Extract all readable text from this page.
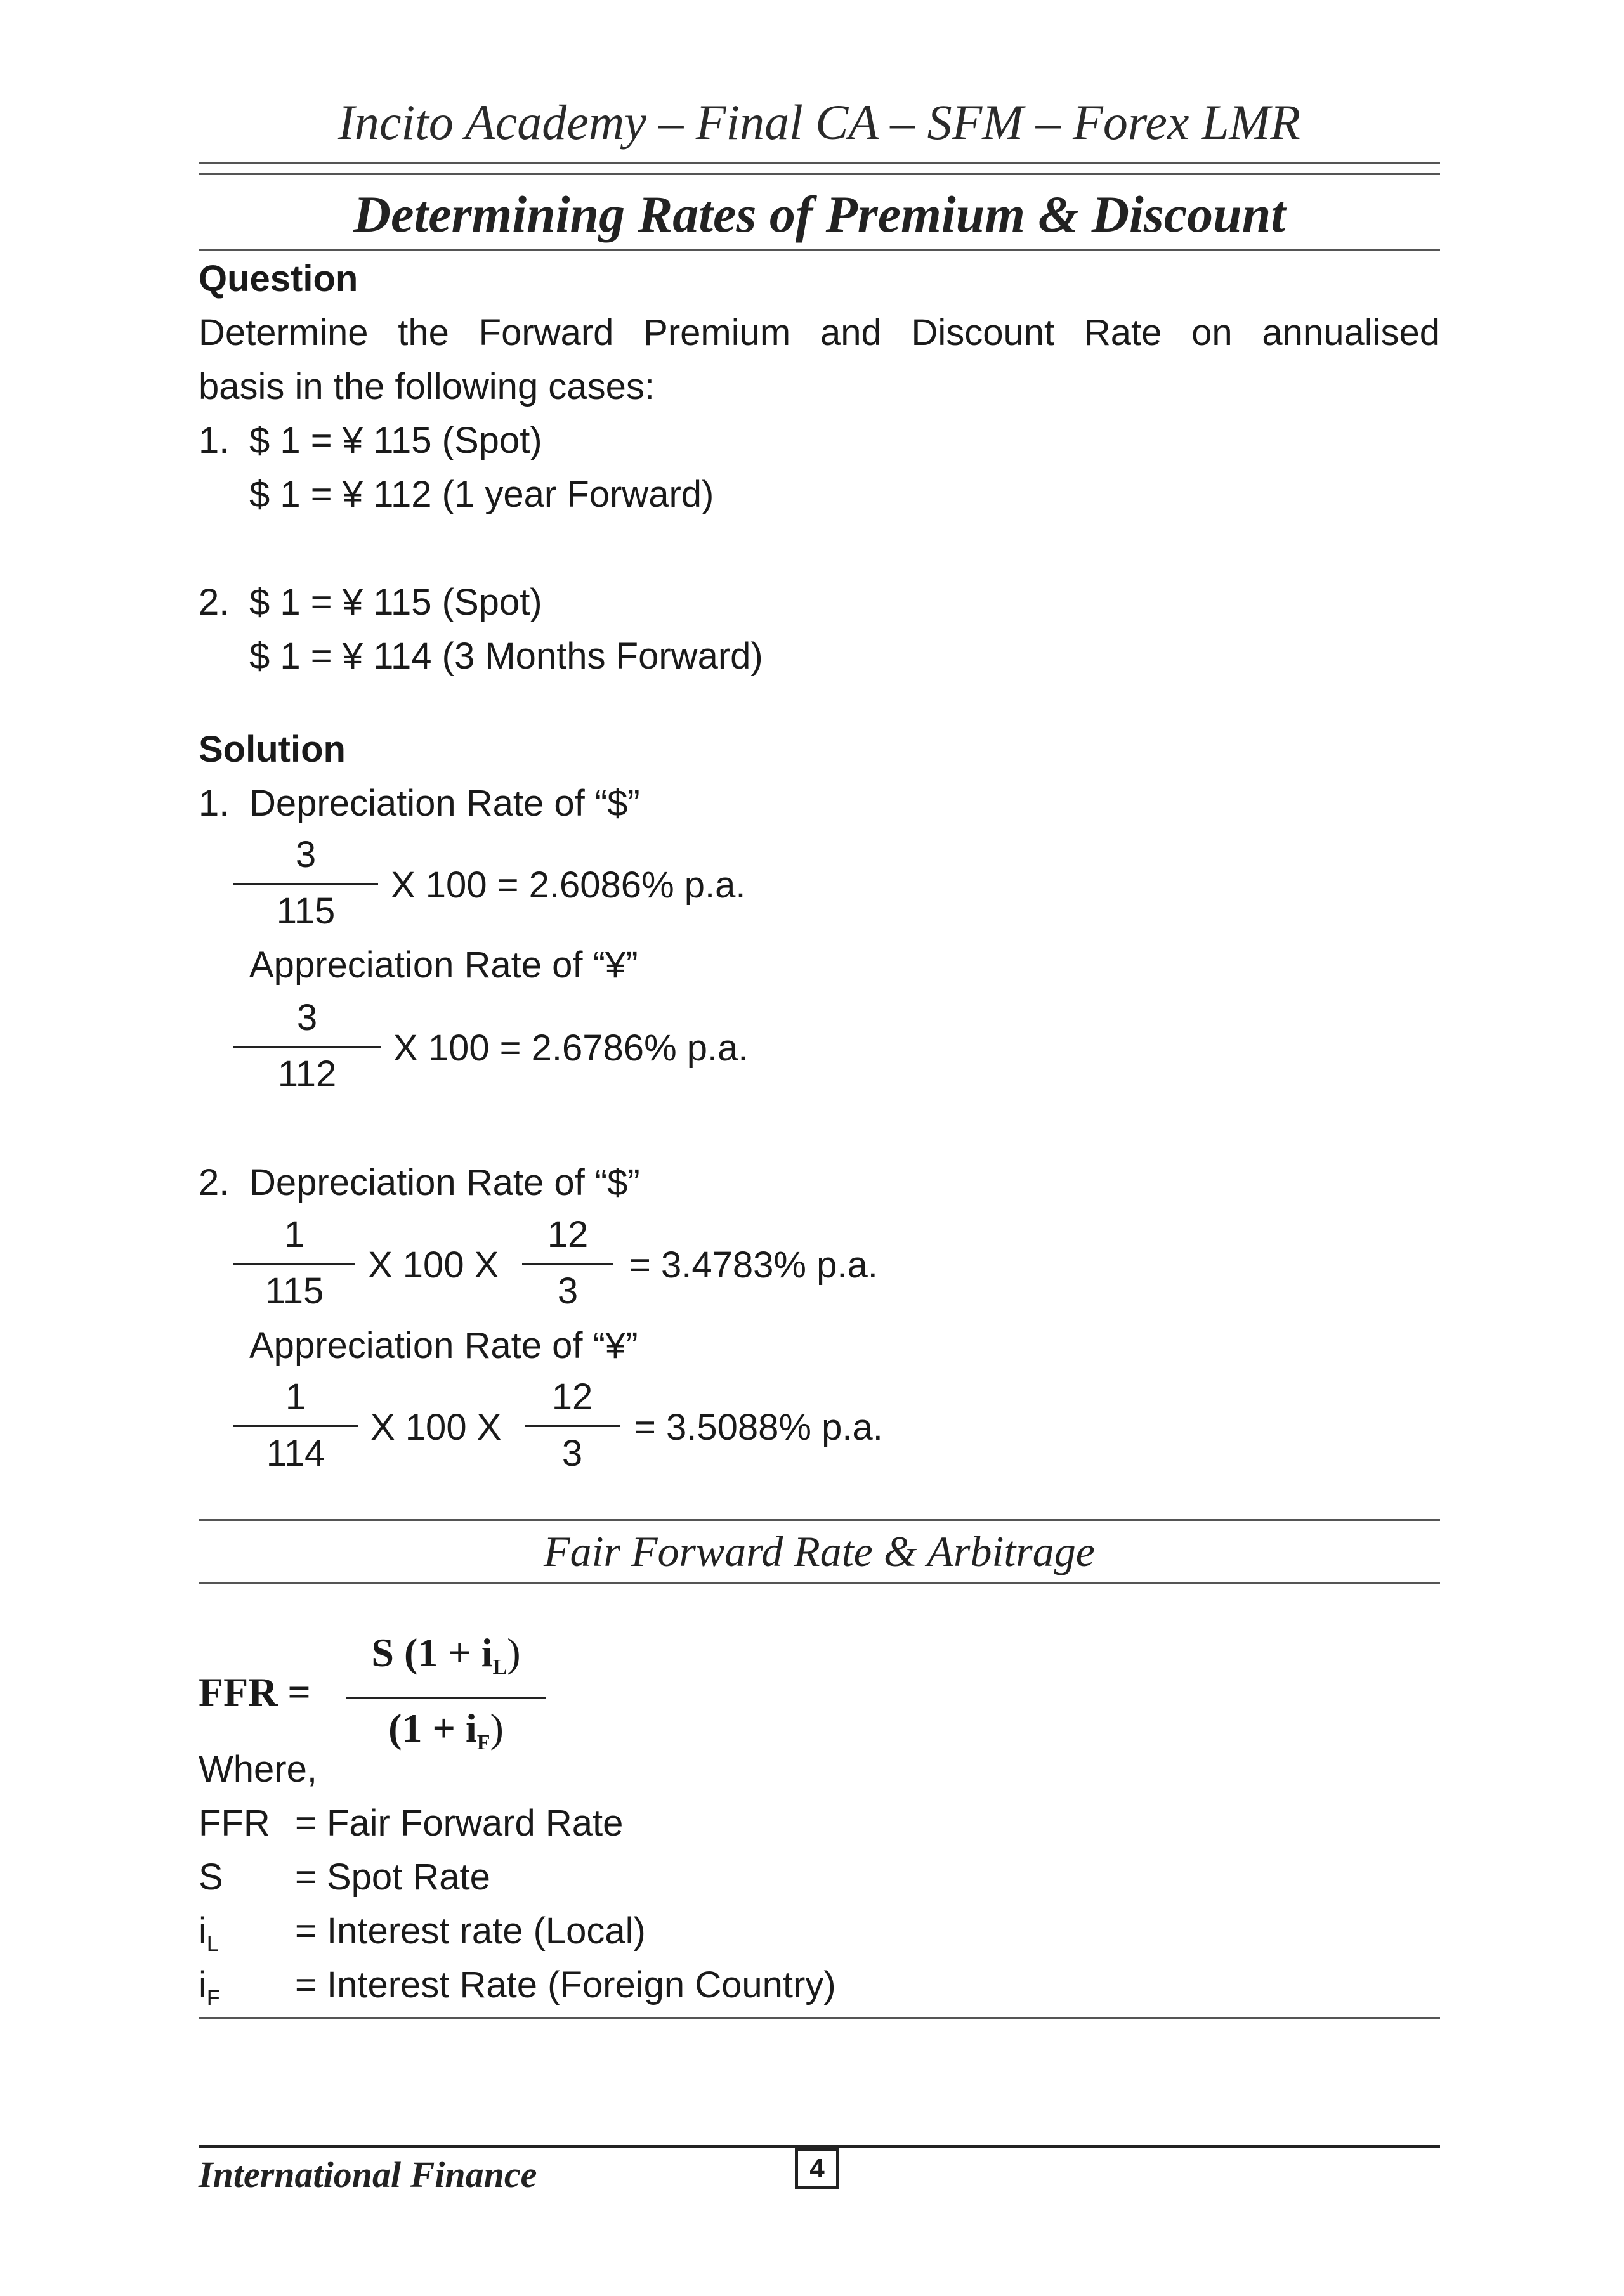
Incito Academy – Final CA – SFM – Forex LMR
Determining Rates of Premium & Discount
Question
Determine the Forward Premium and Discount Rate on annualised
basis in the following cases:
1. $ 1 = ¥ 115 (Spot)
$ 1 = ¥ 112 (1 year Forward)
2. $ 1 = ¥ 115 (Spot)
$ 1 = ¥ 114 (3 Months Forward)
Solution
1. Depreciation Rate of “$”
3
115
X 100 = 2.6086% p.a.
Appreciation Rate of “¥”
3
112
X 100 = 2.6786% p.a.
2. Depreciation Rate of “$”
1
115
X 100 X
12
3
= 3.4783% p.a.
Appreciation Rate of “¥”
1
114
X 100 X
12
3
= 3.5088% p.a.
Fair Forward Rate & Arbitrage
FFR =
S $(1 + i_L)$
$(1 + i_F)$
Where,
FFR = Fair Forward Rate
S = Spot Rate
$i_L$ = Interest rate (Local)
$i_F$ = Interest Rate (Foreign Country)
International Finance	4
